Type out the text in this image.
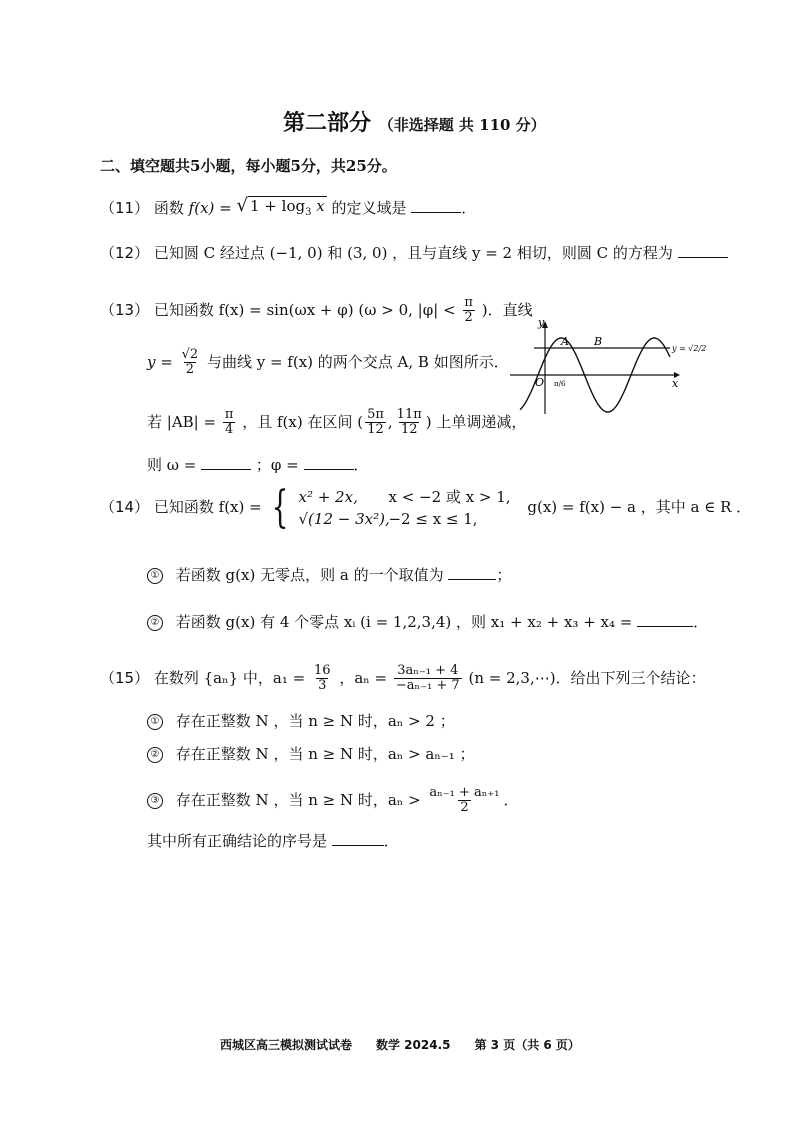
第二部分 （非选择题 共 110 分）
二、填空题共5小题，每小题5分，共25分。
（11） 函数 f(x) = √ $1 + \log_3 x$ 的定义域是	．
（12） 已知圆 C 经过点 (−1, 0) 和 (3, 0) ，且与直线 y = 2 相切，则圆 C 的方程为
（13） 已知函数 f(x) = sin(ωx + φ) (ω > 0, $|\varphi| < \frac{\pi}{2}$ )．直线
$y = \frac{√2}{2}$ 与曲线 y = f(x) 的两个交点 A, B 如图所示．
若 $|AB| = \frac{\pi}{4}$ ，且 f(x) 在区间 ( $\frac{5\pi}{12}$ , $\frac{11\pi}{12}$ ) 上单调递减，
则 ω =	；φ =	．
y
x
O
A B
y = √2/2
π/6
（14） 已知函数 f(x) = { x² + 2x, x < −2 或 x > 1,
√(12 − 3x²),−2 ≤ x ≤ 1,
g(x) = f(x) − a ，其中 a ∈ R ．
① 若函数 g(x) 无零点，则 a 的一个取值为	；
② 若函数 g(x) 有 4 个零点 xᵢ (i = 1,2,3,4) ，则 x₁ + x₂ + x₃ + x₄ =	．
（15） 在数列 {aₙ} 中，$a_1 = \frac{16}{3}$ ，$a_n = \frac{\text{3aₙ₋₁ + 4}}{\text{−aₙ₋₁ + 7}} (n$ = 2,3,⋯)．给出下列三个结论：
① 存在正整数 N ，当 n ≥ N 时，aₙ > 2 ；
② 存在正整数 N ，当 n ≥ N 时，aₙ > aₙ₋₁ ；
③ 存在正整数 N ，当 n ≥ N 时，$a_n > \frac{\text{aₙ₋₁ + aₙ₊₁}}{2}$ ．
其中所有正确结论的序号是	．
西城区高三模拟测试试卷　　数学 2024.5　　第 3 页（共 6 页）
